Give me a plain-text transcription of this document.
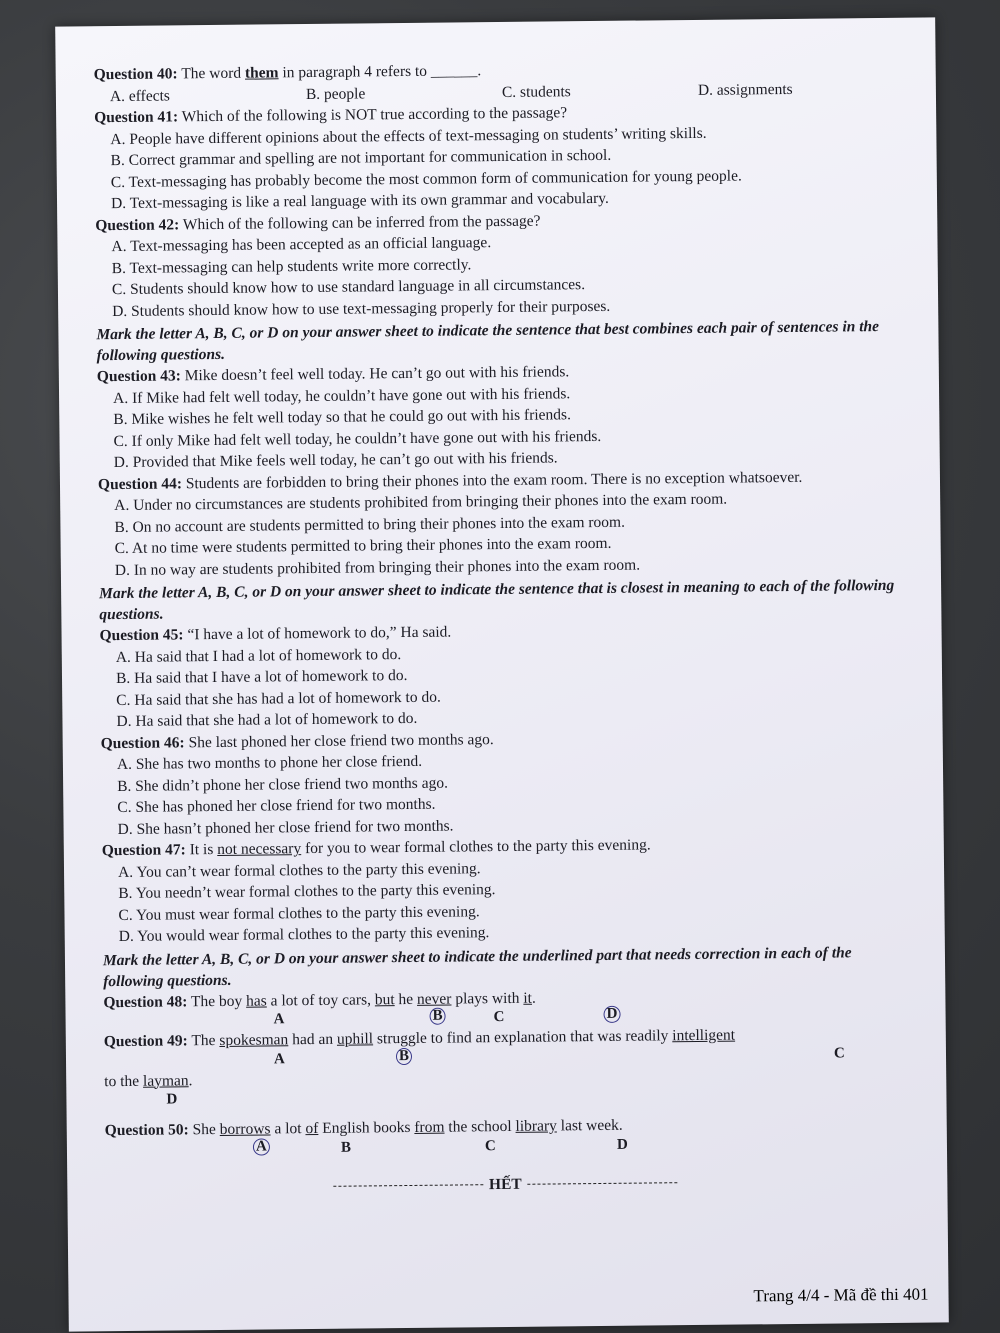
Question 40: The word them in paragraph 4 refers to ______.

A. effects	B. people	C. students	D. assignments

Question 41: Which of the following is NOT true according to the passage?

A. People have different opinions about the effects of text-messaging on students’ writing skills.

B. Correct grammar and spelling are not important for communication in school.

C. Text-messaging has probably become the most common form of communication for young people.

D. Text-messaging is like a real language with its own grammar and vocabulary.

Question 42: Which of the following can be inferred from the passage?

A. Text-messaging has been accepted as an official language.

B. Text-messaging can help students write more correctly.

C. Students should know how to use standard language in all circumstances.

D. Students should know how to use text-messaging properly for their purposes.

Mark the letter A, B, C, or D on your answer sheet to indicate the sentence that best combines each pair of sentences in the following questions.

Question 43: Mike doesn’t feel well today. He can’t go out with his friends.

A. If Mike had felt well today, he couldn’t have gone out with his friends.

B. Mike wishes he felt well today so that he could go out with his friends.

C. If only Mike had felt well today, he couldn’t have gone out with his friends.

D. Provided that Mike feels well today, he can’t go out with his friends.

Question 44: Students are forbidden to bring their phones into the exam room. There is no exception whatsoever.

A. Under no circumstances are students prohibited from bringing their phones into the exam room.

B. On no account are students permitted to bring their phones into the exam room.

C. At no time were students permitted to bring their phones into the exam room.

D. In no way are students prohibited from bringing their phones into the exam room.

Mark the letter A, B, C, or D on your answer sheet to indicate the sentence that is closest in meaning to each of the following questions.

Question 45: “I have a lot of homework to do,” Ha said.

A. Ha said that I had a lot of homework to do.

B. Ha said that I have a lot of homework to do.

C. Ha said that she has had a lot of homework to do.

D. Ha said that she had a lot of homework to do.

Question 46: She last phoned her close friend two months ago.

A. She has two months to phone her close friend.

B. She didn’t phone her close friend two months ago.

C. She has phoned her close friend for two months.

D. She hasn’t phoned her close friend for two months.

Question 47: It is not necessary for you to wear formal clothes to the party this evening.

A. You can’t wear formal clothes to the party this evening.

B. You needn’t wear formal clothes to the party this evening.

C. You must wear formal clothes to the party this evening.

D. You would wear formal clothes to the party this evening.

Mark the letter A, B, C, or D on your answer sheet to indicate the underlined part that needs correction in each of the following questions.

Question 48: The boy has a lot of toy cars, but he never plays with it.

A	B	C	D

Question 49: The spokesman had an uphill struggle to find an explanation that was readily intelligent

A	B	C

to the layman.

D

Question 50: She borrows a lot of English books from the school library last week.

A	B	C	D
HẾT
Trang 4/4 - Mã đề thi 401
